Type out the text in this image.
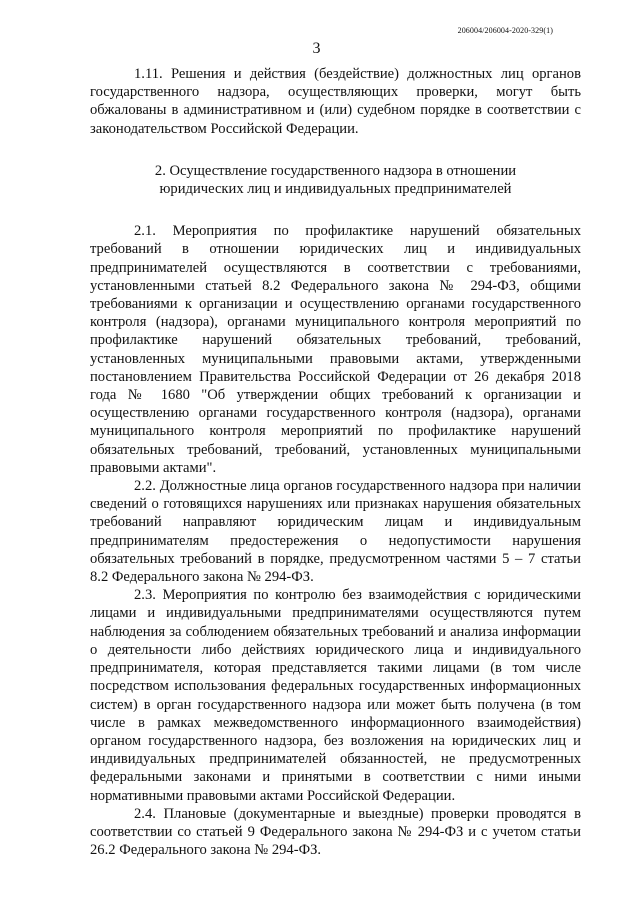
206004/206004-2020-329(1)
3

1.11. Решения и действия (бездействие) должностных лиц органов государственного надзора, осуществляющих проверки, могут быть обжалованы в административном и (или) судебном порядке в соответствии с законодательством Российской Федерации.

2. Осуществление государственного надзора в отношении
юридических лиц и индивидуальных предпринимателей

2.1. Мероприятия по профилактике нарушений обязательных требований в отношении юридических лиц и индивидуальных предпринимателей осуществляются в соответствии с требованиями, установленными статьей 8.2 Федерального закона № 294-ФЗ, общими требованиями к организации и осуществлению органами государственного контроля (надзора), органами муниципального контроля мероприятий по профилактике нарушений обязательных требований, требований, установленных муниципальными правовыми актами, утвержденными постановлением Правительства Российской Федерации от 26 декабря 2018 года № 1680 "Об утверждении общих требований к организации и осуществлению органами государственного контроля (надзора), органами муниципального контроля мероприятий по профилактике нарушений обязательных требований, требований, установленных муниципальными правовыми актами".

2.2. Должностные лица органов государственного надзора при наличии сведений о готовящихся нарушениях или признаках нарушения обязательных требований направляют юридическим лицам и индивидуальным предпринимателям предостережения о недопустимости нарушения обязательных требований в порядке, предусмотренном частями 5 – 7 статьи 8.2 Федерального закона № 294-ФЗ.

2.3. Мероприятия по контролю без взаимодействия с юридическими лицами и индивидуальными предпринимателями осуществляются путем наблюдения за соблюдением обязательных требований и анализа информации о деятельности либо действиях юридического лица и индивидуального предпринимателя, которая представляется такими лицами (в том числе посредством использования федеральных государственных информационных систем) в орган государственного надзора или может быть получена (в том числе в рамках межведомственного информационного взаимодействия) органом государственного надзора, без возложения на юридических лиц и индивидуальных предпринимателей обязанностей, не предусмотренных федеральными законами и принятыми в соответствии с ними иными нормативными правовыми актами Российской Федерации.

2.4. Плановые (документарные и выездные) проверки проводятся в соответствии со статьей 9 Федерального закона № 294-ФЗ и с учетом статьи 26.2 Федерального закона № 294-ФЗ.
